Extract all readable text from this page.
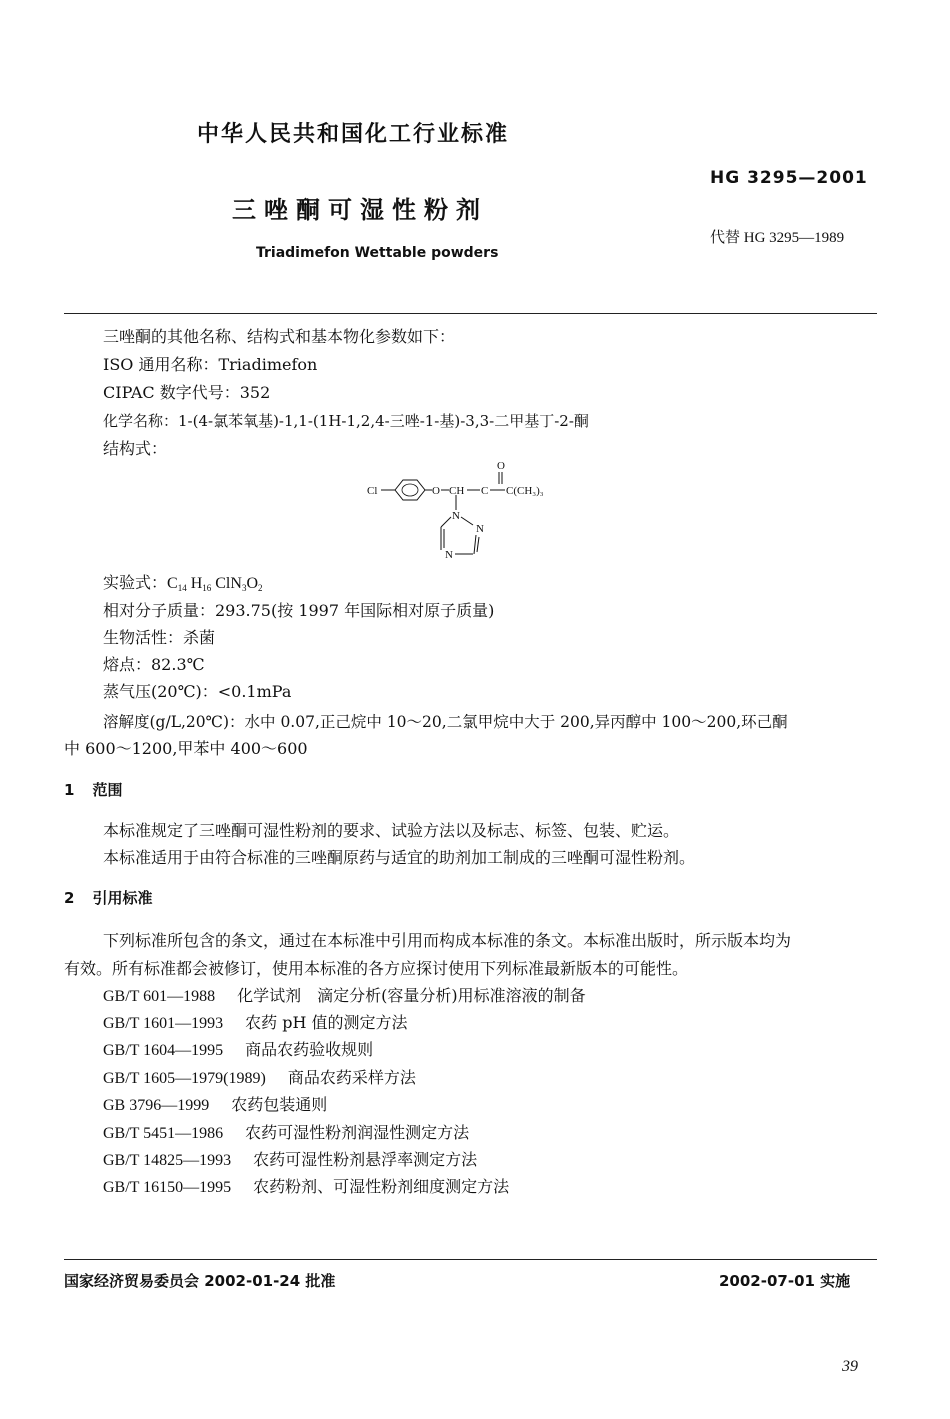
中华人民共和国化工行业标准
HG 3295—2001
三唑酮可湿性粉剂
代替 HG 3295—1989
Triadimefon Wettable powders
三唑酮的其他名称、结构式和基本物化参数如下：
ISO 通用名称：Triadimefon
CIPAC 数字代号：352
化学名称：1-(4-氯苯氧基)-1,1-(1H-1,2,4-三唑-1-基)-3,3-二甲基丁-2-酮
结构式：
Cl	O CH C
O
C(CH₃)₃
N
N
N
实验式：$C_{14}$ $H_{16}$ $ClN_3O_2$
相对分子质量：293.75(按 1997 年国际相对原子质量)
生物活性：杀菌
熔点：82.3℃
蒸气压(20℃)：<0.1mPa
溶解度(g/L,20℃)：水中 0.07,正己烷中 10～20,二氯甲烷中大于 200,异丙醇中 100～200,环己酮
中 600～1200,甲苯中 400～600
1 范围
本标准规定了三唑酮可湿性粉剂的要求、试验方法以及标志、标签、包装、贮运。
本标准适用于由符合标准的三唑酮原药与适宜的助剂加工制成的三唑酮可湿性粉剂。
2 引用标准
下列标准所包含的条文，通过在本标准中引用而构成本标准的条文。本标准出版时，所示版本均为
有效。所有标准都会被修订，使用本标准的各方应探讨使用下列标准最新版本的可能性。
GB/T 601—1988 化学试剂　滴定分析(容量分析)用标准溶液的制备
GB/T 1601—1993 农药 pH 值的测定方法
GB/T 1604—1995 商品农药验收规则
GB/T 1605—1979(1989) 商品农药采样方法
GB 3796—1999 农药包装通则
GB/T 5451—1986 农药可湿性粉剂润湿性测定方法
GB/T 14825—1993 农药可湿性粉剂悬浮率测定方法
GB/T 16150—1995 农药粉剂、可湿性粉剂细度测定方法
国家经济贸易委员会 2002-01-24 批准	2002-07-01 实施
39
